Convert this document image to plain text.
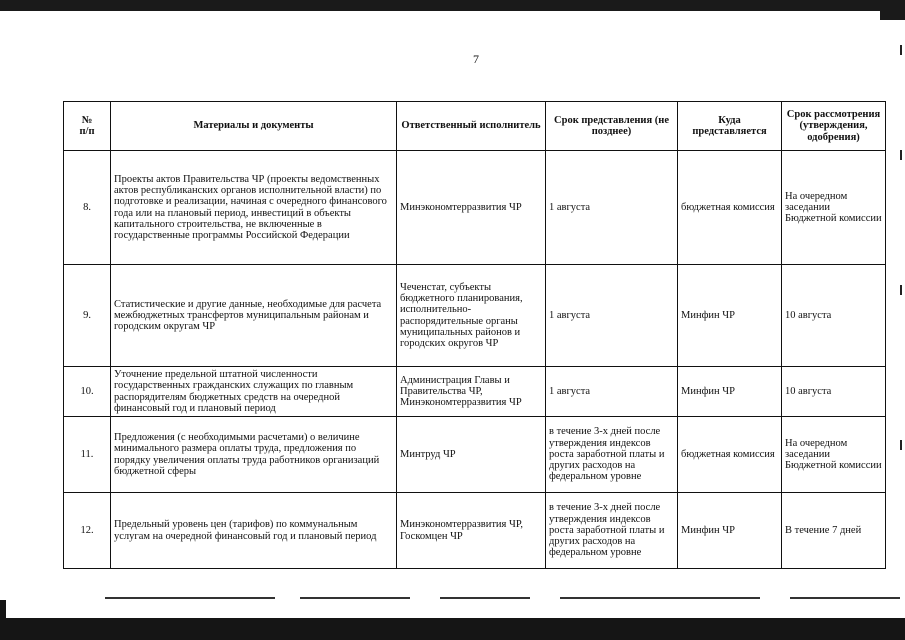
7
№
п/п	Материалы и документы	Ответственный исполнитель	Срок представления (не позднее)	Куда представляется	Срок рассмотрения (утверждения, одобрения)
8.	Проекты актов Правительства ЧР (проекты ведомственных актов республиканских органов исполнительной власти) по подготовке и реализации, начиная с очередного финансового года или на плановый период, инвестиций в объекты капитального строительства, не включенные в государственные программы Российской Федерации	Минэкономтерразвития ЧР	1 августа	бюджетная комиссия	На очередном заседании Бюджетной комиссии
9.	Статистические и другие данные, необходимые для расчета межбюджетных трансфертов муниципальным районам и городским округам ЧР	Чеченстат, субъекты бюджетного планирования, исполнительно-распорядительные органы муниципальных районов и городских округов ЧР	1 августа	Минфин ЧР	10 августа
10.	Уточнение предельной штатной численности государственных гражданских служащих по главным распорядителям бюджетных средств на очередной финансовый год и плановый период	Администрация Главы и Правительства ЧР, Минэкономтерразвития ЧР	1 августа	Минфин ЧР	10 августа
11.	Предложения (с необходимыми расчетами) о величине минимального размера оплаты труда, предложения по порядку увеличения оплаты труда работников организаций бюджетной сферы	Минтруд ЧР	в течение 3-х дней после утверждения индексов роста заработной платы и других расходов на федеральном уровне	бюджетная комиссия	На очередном заседании Бюджетной комиссии
12.	Предельный уровень цен (тарифов) по коммунальным услугам на очередной финансовый год и плановый период	Минэкономтерразвития ЧР, Госкомцен ЧР	в течение 3-х дней после утверждения индексов роста заработной платы и других расходов на федеральном уровне	Минфин ЧР	В течение 7 дней
